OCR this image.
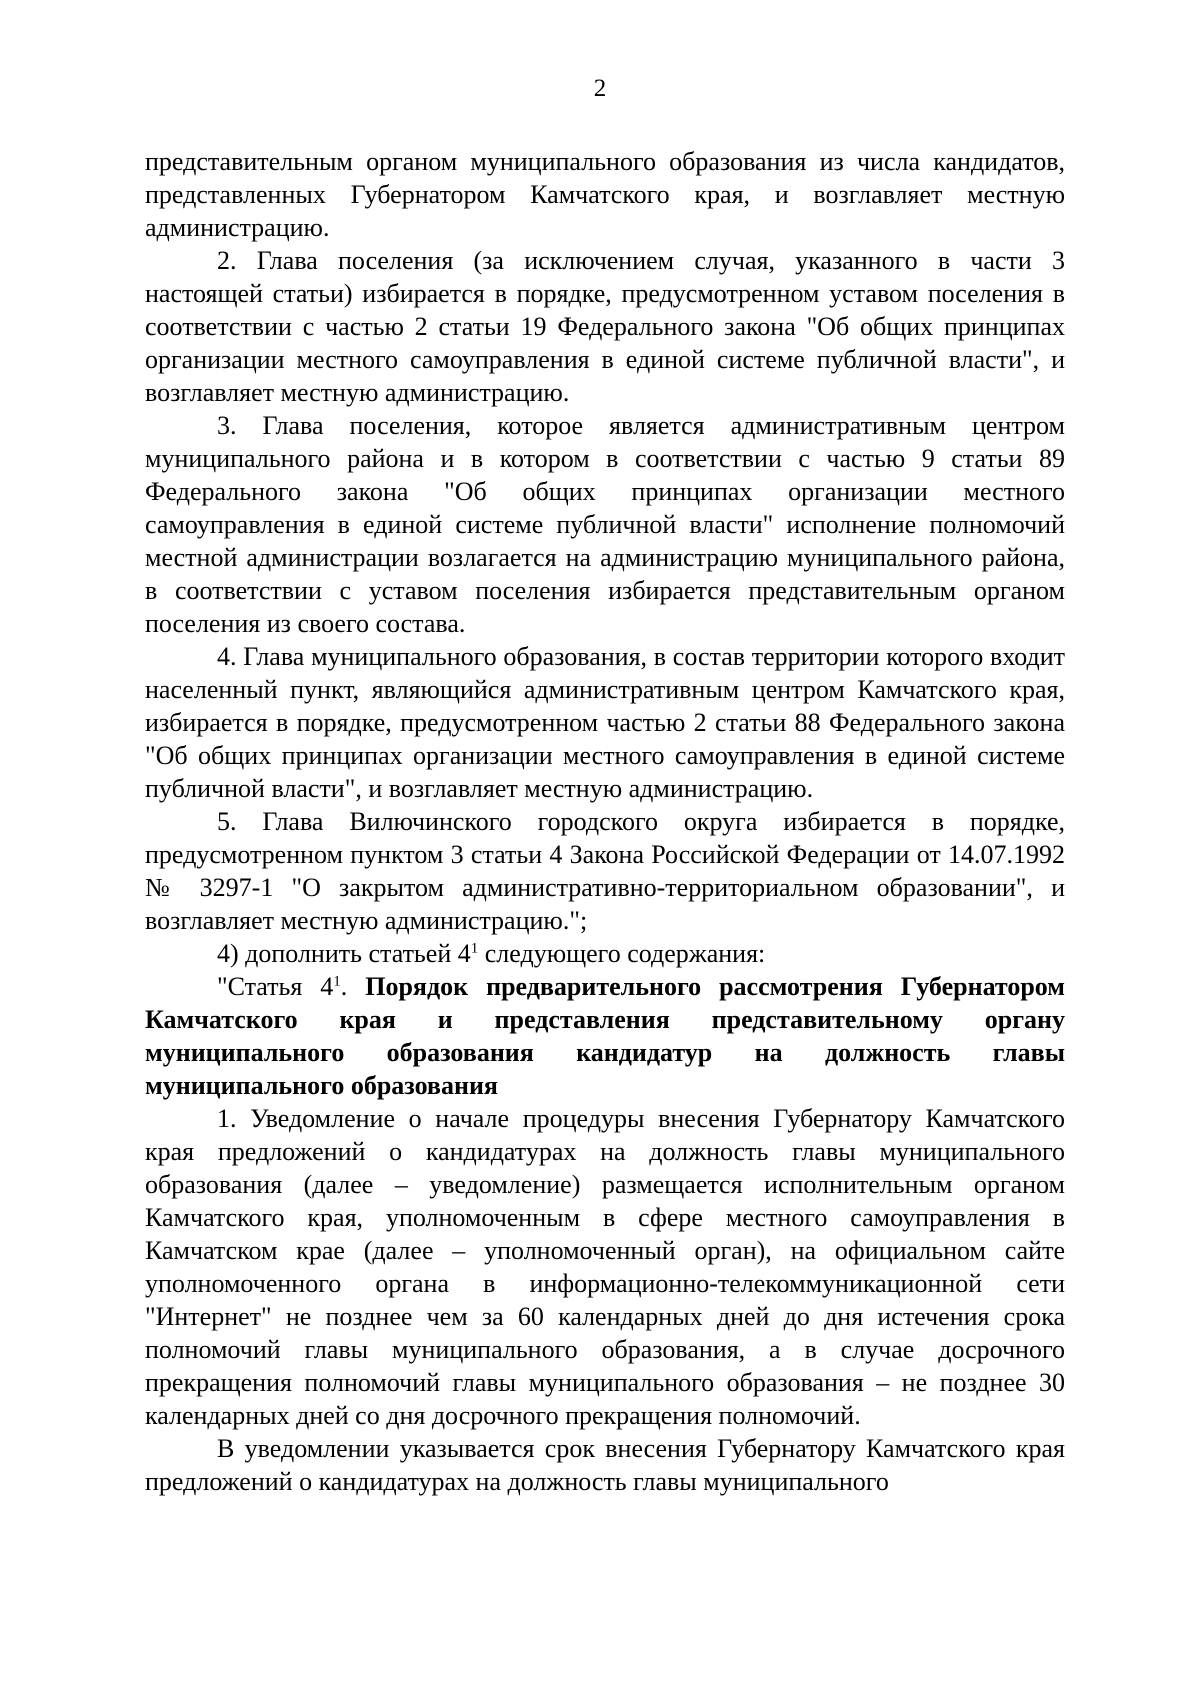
2

представительным органом муниципального образования из числа кандидатов, представленных Губернатором Камчатского края, и возглавляет местную администрацию.

2. Глава поселения (за исключением случая, указанного в части 3 настоящей статьи) избирается в порядке, предусмотренном уставом поселения в соответствии с частью 2 статьи 19 Федерального закона "Об общих принципах организации местного самоуправления в единой системе публичной власти", и возглавляет местную администрацию.

3. Глава поселения, которое является административным центром муниципального района и в котором в соответствии с частью 9 статьи 89 Федерального закона "Об общих принципах организации местного самоуправления в единой системе публичной власти" исполнение полномочий местной администрации возлагается на администрацию муниципального района, в соответствии с уставом поселения избирается представительным органом поселения из своего состава.

4. Глава муниципального образования, в состав территории которого входит населенный пункт, являющийся административным центром Камчатского края, избирается в порядке, предусмотренном частью 2 статьи 88 Федерального закона "Об общих принципах организации местного самоуправления в единой системе публичной власти", и возглавляет местную администрацию.

5. Глава Вилючинского городского округа избирается в порядке, предусмотренном пунктом 3 статьи 4 Закона Российской Федерации от 14.07.1992 № 3297-1 "О закрытом административно-территориальном образовании", и возглавляет местную администрацию.";

4) дополнить статьей $4^1$ следующего содержания:

"Статья $4^1$. Порядок предварительного рассмотрения Губернатором Камчатского края и представления представительному органу муниципального образования кандидатур на должность главы муниципального образования

1. Уведомление о начале процедуры внесения Губернатору Камчатского края предложений о кандидатурах на должность главы муниципального образования (далее – уведомление) размещается исполнительным органом Камчатского края, уполномоченным в сфере местного самоуправления в Камчатском крае (далее – уполномоченный орган), на официальном сайте уполномоченного органа в информационно-телекоммуникационной сети "Интернет" не позднее чем за 60 календарных дней до дня истечения срока полномочий главы муниципального образования, а в случае досрочного прекращения полномочий главы муниципального образования – не позднее 30 календарных дней со дня досрочного прекращения полномочий.

В уведомлении указывается срок внесения Губернатору Камчатского края предложений о кандидатурах на должность главы муниципального
